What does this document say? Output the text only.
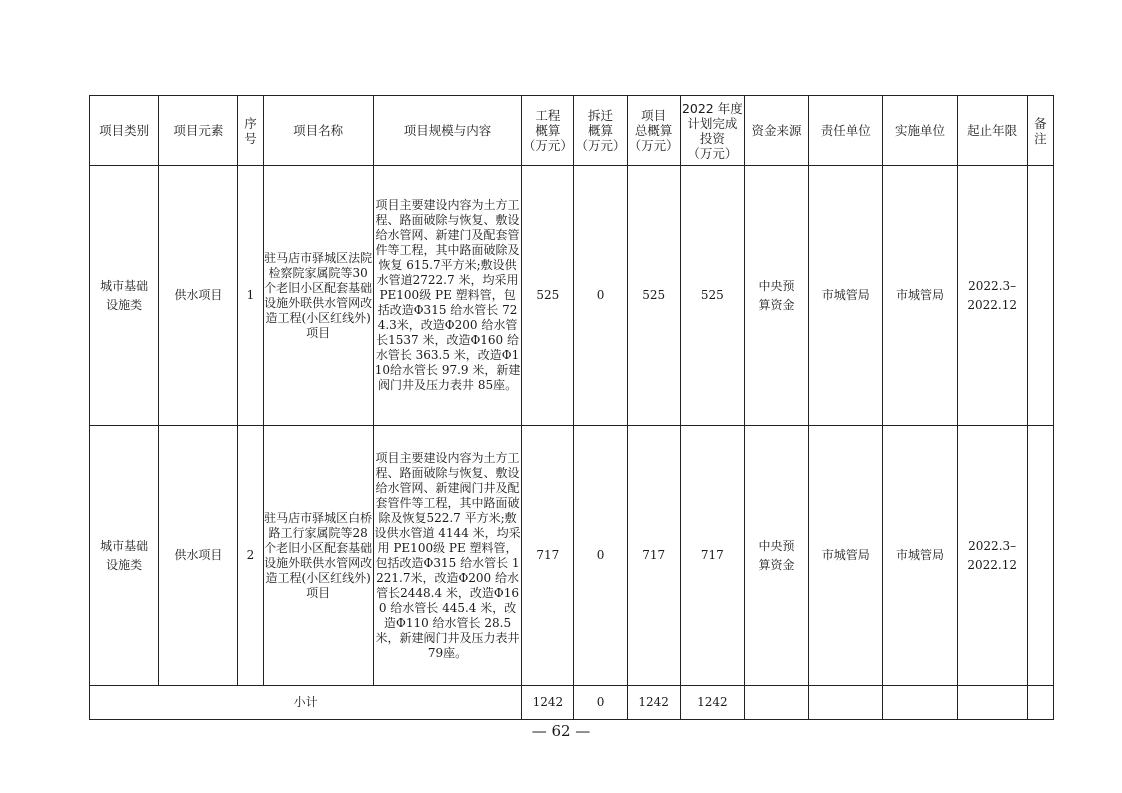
项目类别	项目元素	序
号	项目名称	项目规模与内容	工程
概算
（万元）	拆迁
概算
（万元）	项目
总概算
（万元）	2022 年度
计划完成
投资
（万元）	资金来源	责任单位	实施单位	起止年限	备
注
城市基础设施类	供水项目	1	驻马店市驿城区法院检察院家属院等30 个老旧小区配套基础设施外联供水管网改造工程(小区红线外)项目	项目主要建设内容为土方工程、路面破除与恢复、敷设给水管网、新建门及配套管件等工程，其中路面破除及恢复 615.7平方米;敷设供水管道2722.7 米，均采用 PE100级 PE 塑料管，包括改造Φ315 给水管长 724.3米，改造Φ200 给水管长1537 米，改造Φ160 给水管长 363.5 米，改造Φ110给水管长 97.9 米，新建阀门井及压力表井 85座。	525	0	525	525	中央预算资金	市城管局	市城管局	2022.3–
2022.12	
城市基础设施类	供水项目	2	驻马店市驿城区白桥路工行家属院等28 个老旧小区配套基础设施外联供水管网改造工程(小区红线外)项目	项目主要建设内容为土方工程、路面破除与恢复、敷设给水管网、新建阀门井及配套管件等工程，其中路面破除及恢复522.7 平方米;敷设供水管道 4144 米，均采用 PE100级 PE 塑料管，包括改造Φ315 给水管长 1221.7米，改造Φ200 给水管长2448.4 米，改造Φ160 给水管长 445.4 米，改造Φ110 给水管长 28.5 米，新建阀门井及压力表井 79座。	717	0	717	717	中央预算资金	市城管局	市城管局	2022.3–
2022.12	
小计					1242	0	1242	1242					
— 62 —
